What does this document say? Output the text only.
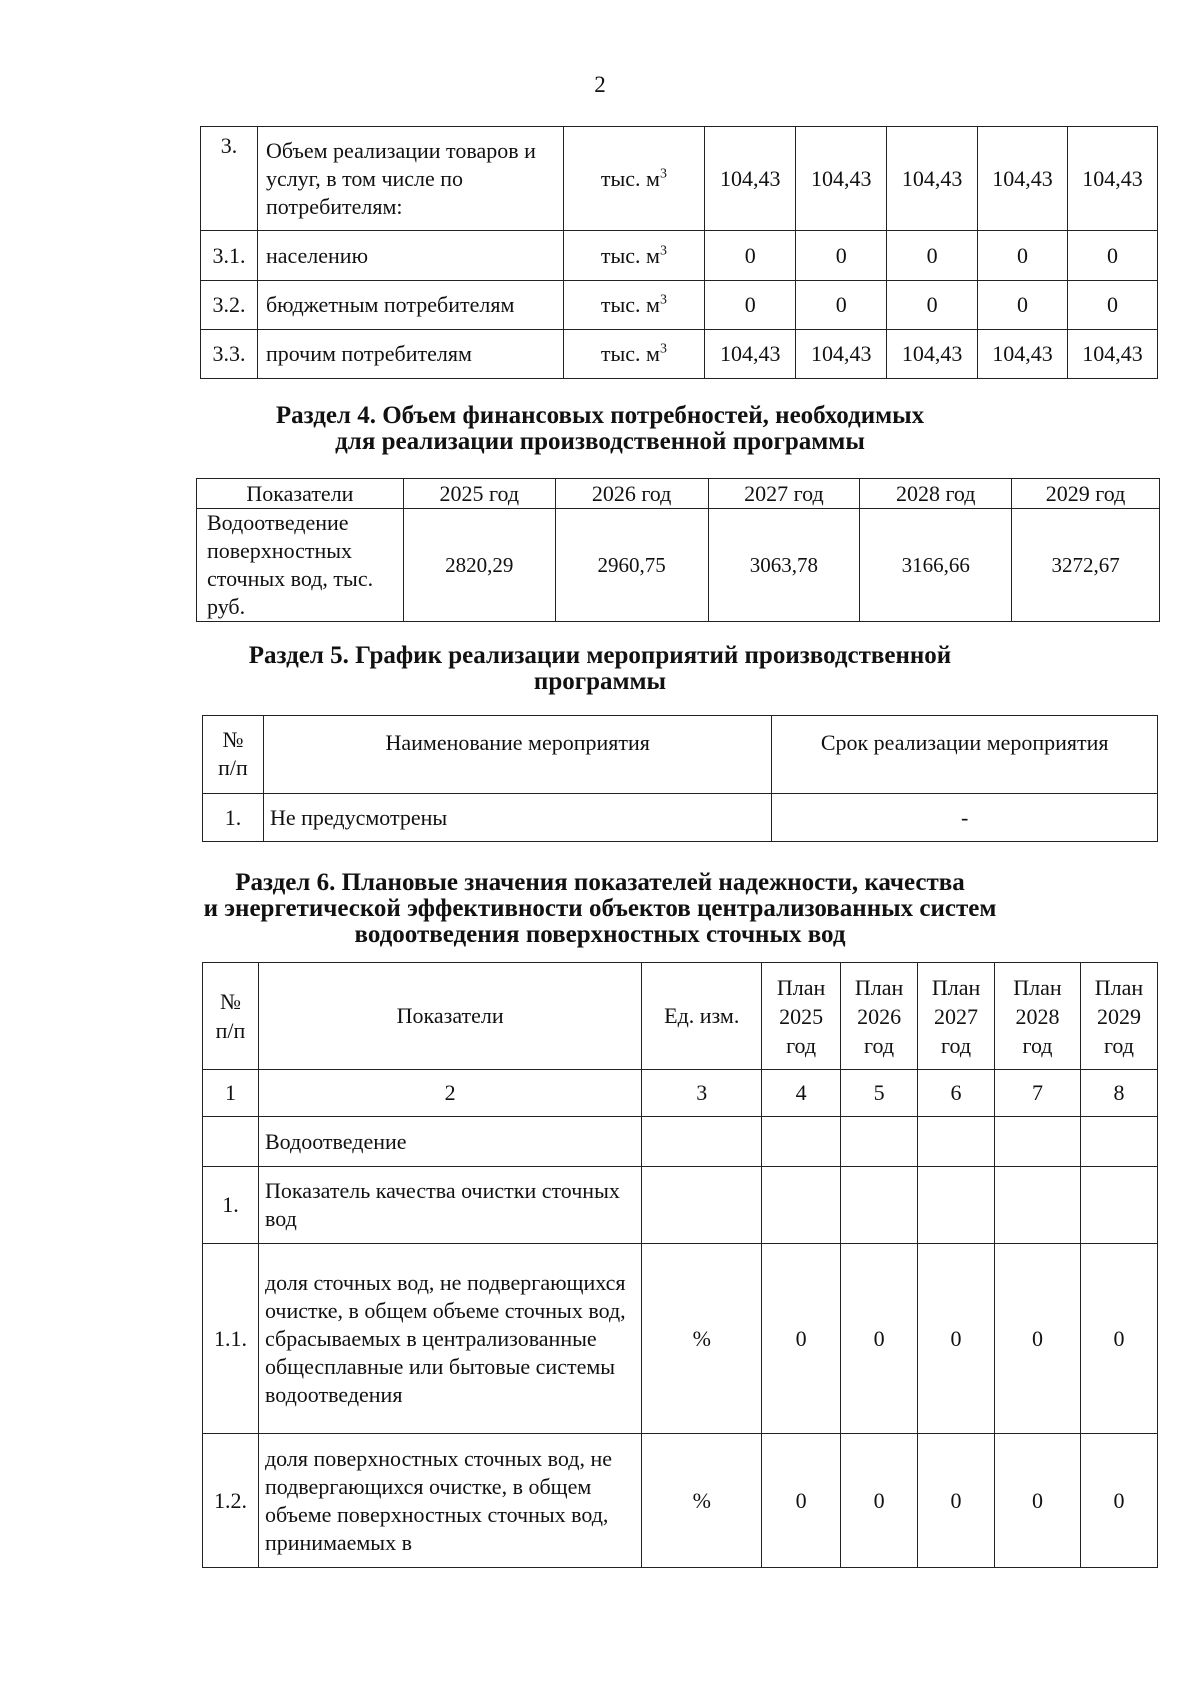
2
3.	Объем реализации товаров и услуг, в том числе по потребителям:	тыс. $м^3$	104,43	104,43	104,43	104,43	104,43
3.1.	населению	тыс. $м^3$	0	0	0	0	0
3.2.	бюджетным потребителям	тыс. $м^3$	0	0	0	0	0
3.3.	прочим потребителям	тыс. $м^3$	104,43	104,43	104,43	104,43	104,43
Раздел 4. Объем финансовых потребностей, необходимых
для реализации производственной программы
Показатели	2025 год	2026 год	2027 год	2028 год	2029 год
Водоотведение поверхностных сточных вод, тыс. руб.	2820,29	2960,75	3063,78	3166,66	3272,67
Раздел 5. График реализации мероприятий производственной
программы
№ п/п	Наименование мероприятия	Срок реализации мероприятия
1.	Не предусмотрены	-
Раздел 6. Плановые значения показателей надежности, качества
и энергетической эффективности объектов централизованных систем
водоотведения поверхностных сточных вод
№ п/п	Показатели	Ед. изм.	План 2025 год	План 2026 год	План 2027 год	План 2028 год	План 2029 год
1	2	3	4	5	6	7	8
	Водоотведение						
1.	Показатель качества очистки сточных вод						
1.1.	доля сточных вод, не подвергающихся очистке, в общем объеме сточных вод, сбрасываемых в централизованные общесплавные или бытовые системы водоотведения	%	0	0	0	0	0
1.2.	доля поверхностных сточных вод, не подвергающихся очистке, в общем объеме поверхностных сточных вод, принимаемых в	%	0	0	0	0	0
